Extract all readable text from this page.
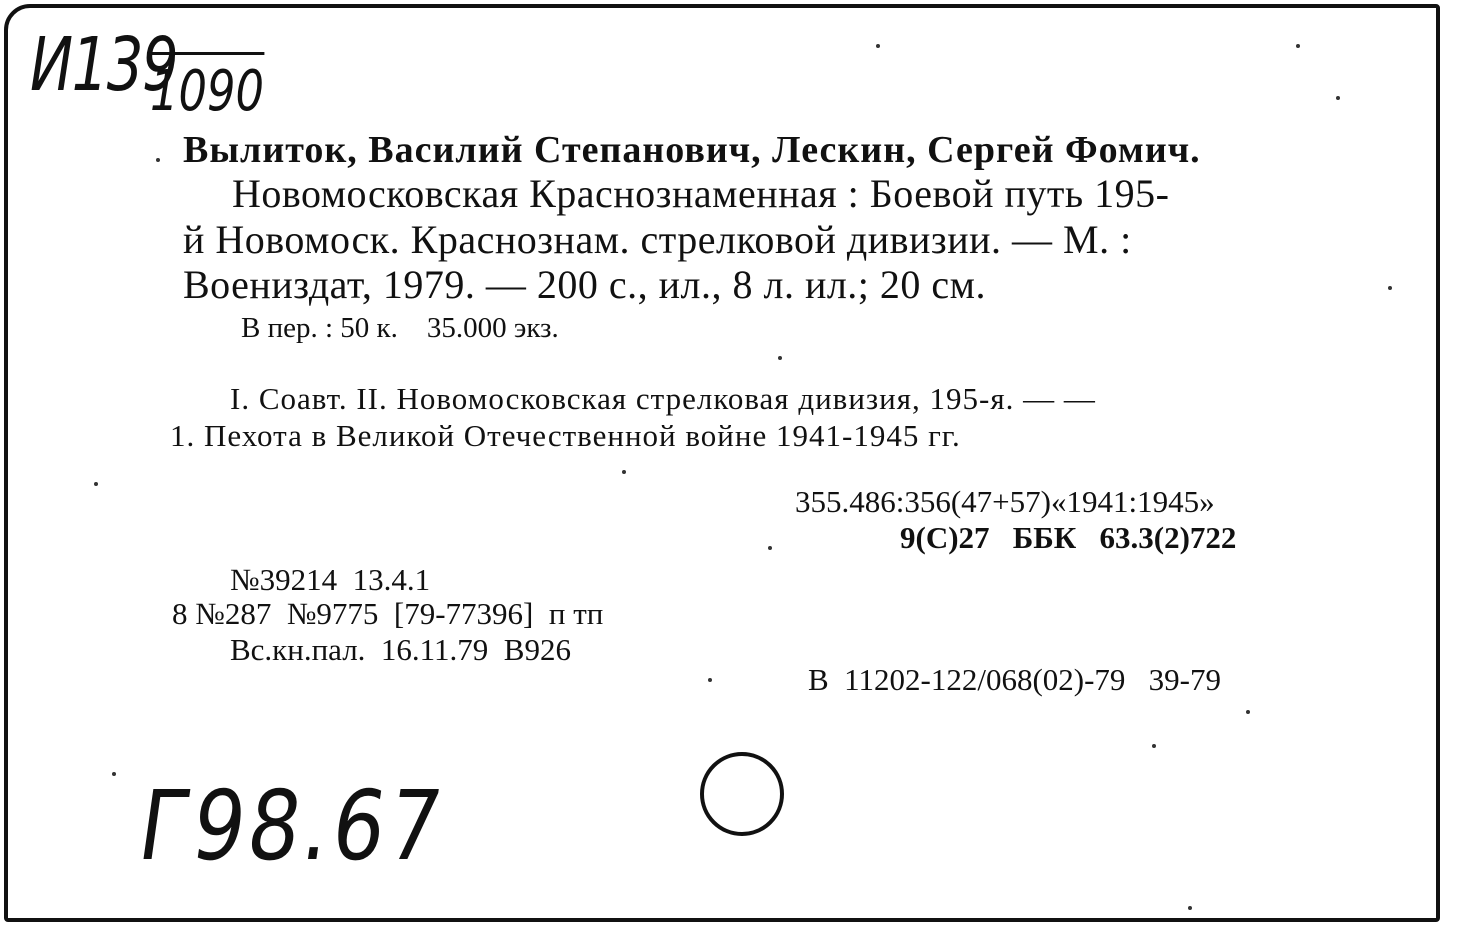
И139
1090
Вылиток, Василий Степанович, Лескин, Сергей Фомич.
Новомосковская Краснознаменная : Боевой путь 195-
й Новомоск. Краснознам. стрелковой дивизии. — М. :
Воениздат, 1979. — 200 с., ил., 8 л. ил.; 20 см.
В пер. : 50 к.    35.000 экз.
I. Соавт. II. Новомосковская стрелковая дивизия, 195-я. — —
1. Пехота в Великой Отечественной войне 1941-1945 гг.
355.486:356(47+57)«1941:1945»
9(С)27   ББК   63.3(2)722
№39214  13.4.1
8 №287  №9775  [79-77396]  п тп
Вс.кн.пал.  16.11.79  В926
В  11202-122/068(02)-79   39-79
Г98.67
